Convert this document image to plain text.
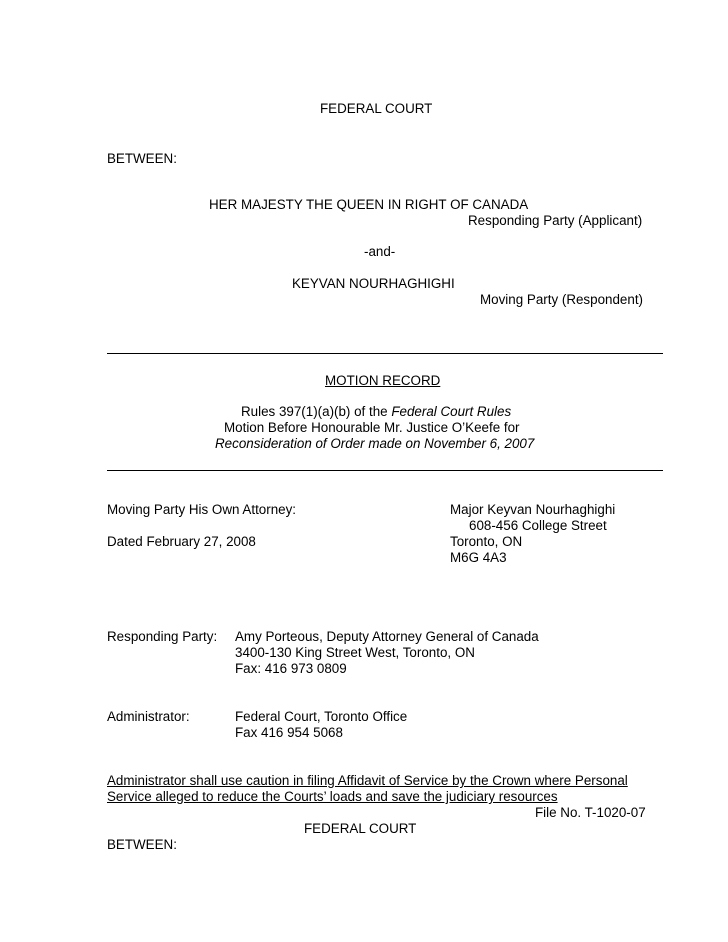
FEDERAL COURT
BETWEEN:
HER MAJESTY THE QUEEN IN RIGHT OF CANADA
Responding Party (Applicant)
-and-
KEYVAN NOURHAGHIGHI
Moving Party (Respondent)
MOTION RECORD
Rules 397(1)(a)(b) of the Federal Court Rules
Motion Before Honourable Mr. Justice O’Keefe for
Reconsideration of Order made on November 6, 2007
Moving Party His Own Attorney:	Major Keyvan Nourhaghighi
608-456 College Street
Dated February 27, 2008	Toronto, ON
M6G 4A3
Responding Party: Amy Porteous, Deputy Attorney General of Canada
3400-130 King Street West, Toronto, ON
Fax: 416 973 0809
Administrator:	Federal Court, Toronto Office
Fax 416 954 5068
Administrator shall use caution in filing Affidavit of Service by the Crown where Personal
Service alleged to reduce the Courts’ loads and save the judiciary resources
File No. T-1020-07
FEDERAL COURT
BETWEEN:
